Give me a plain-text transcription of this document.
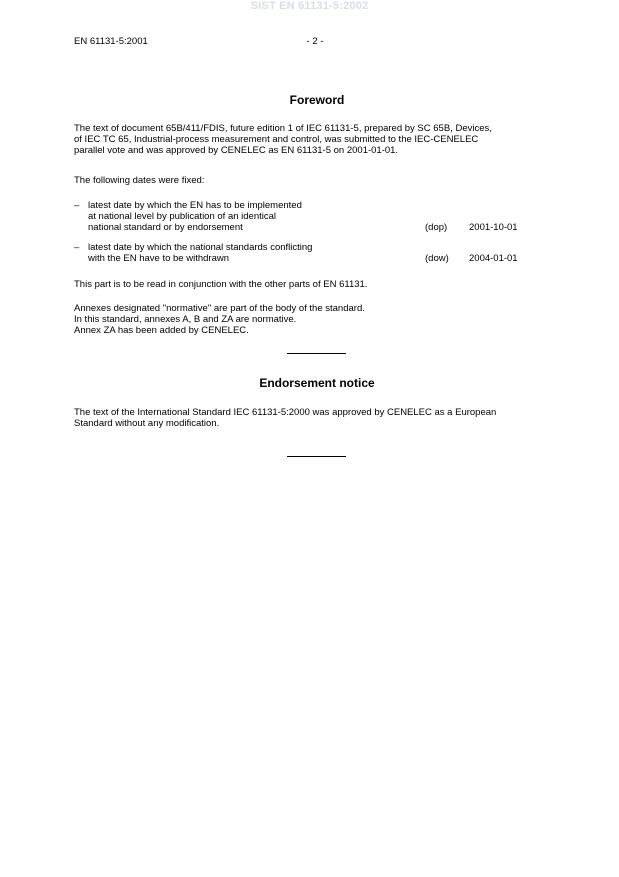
SIST EN 61131-5:2002
EN 61131-5:2001	- 2 -
Foreword

The text of document 65B/411/FDIS, future edition 1 of IEC 61131-5, prepared by SC 65B, Devices,
of IEC TC 65, Industrial-process measurement and control, was submitted to the IEC-CENELEC
parallel vote and was approved by CENELEC as EN 61131-5 on 2001-01-01.

The following dates were fixed:

– latest date by which the EN has to be implemented
at national level by publication of an identical
national standard or by endorsement	(dop)	2001-10-01
– latest date by which the national standards conflicting
with the EN have to be withdrawn	(dow)	2004-01-01

This part is to be read in conjunction with the other parts of EN 61131.

Annexes designated "normative" are part of the body of the standard.
In this standard, annexes A, B and ZA are normative.
Annex ZA has been added by CENELEC.

Endorsement notice

The text of the International Standard IEC 61131-5:2000 was approved by CENELEC as a European
Standard without any modification.
